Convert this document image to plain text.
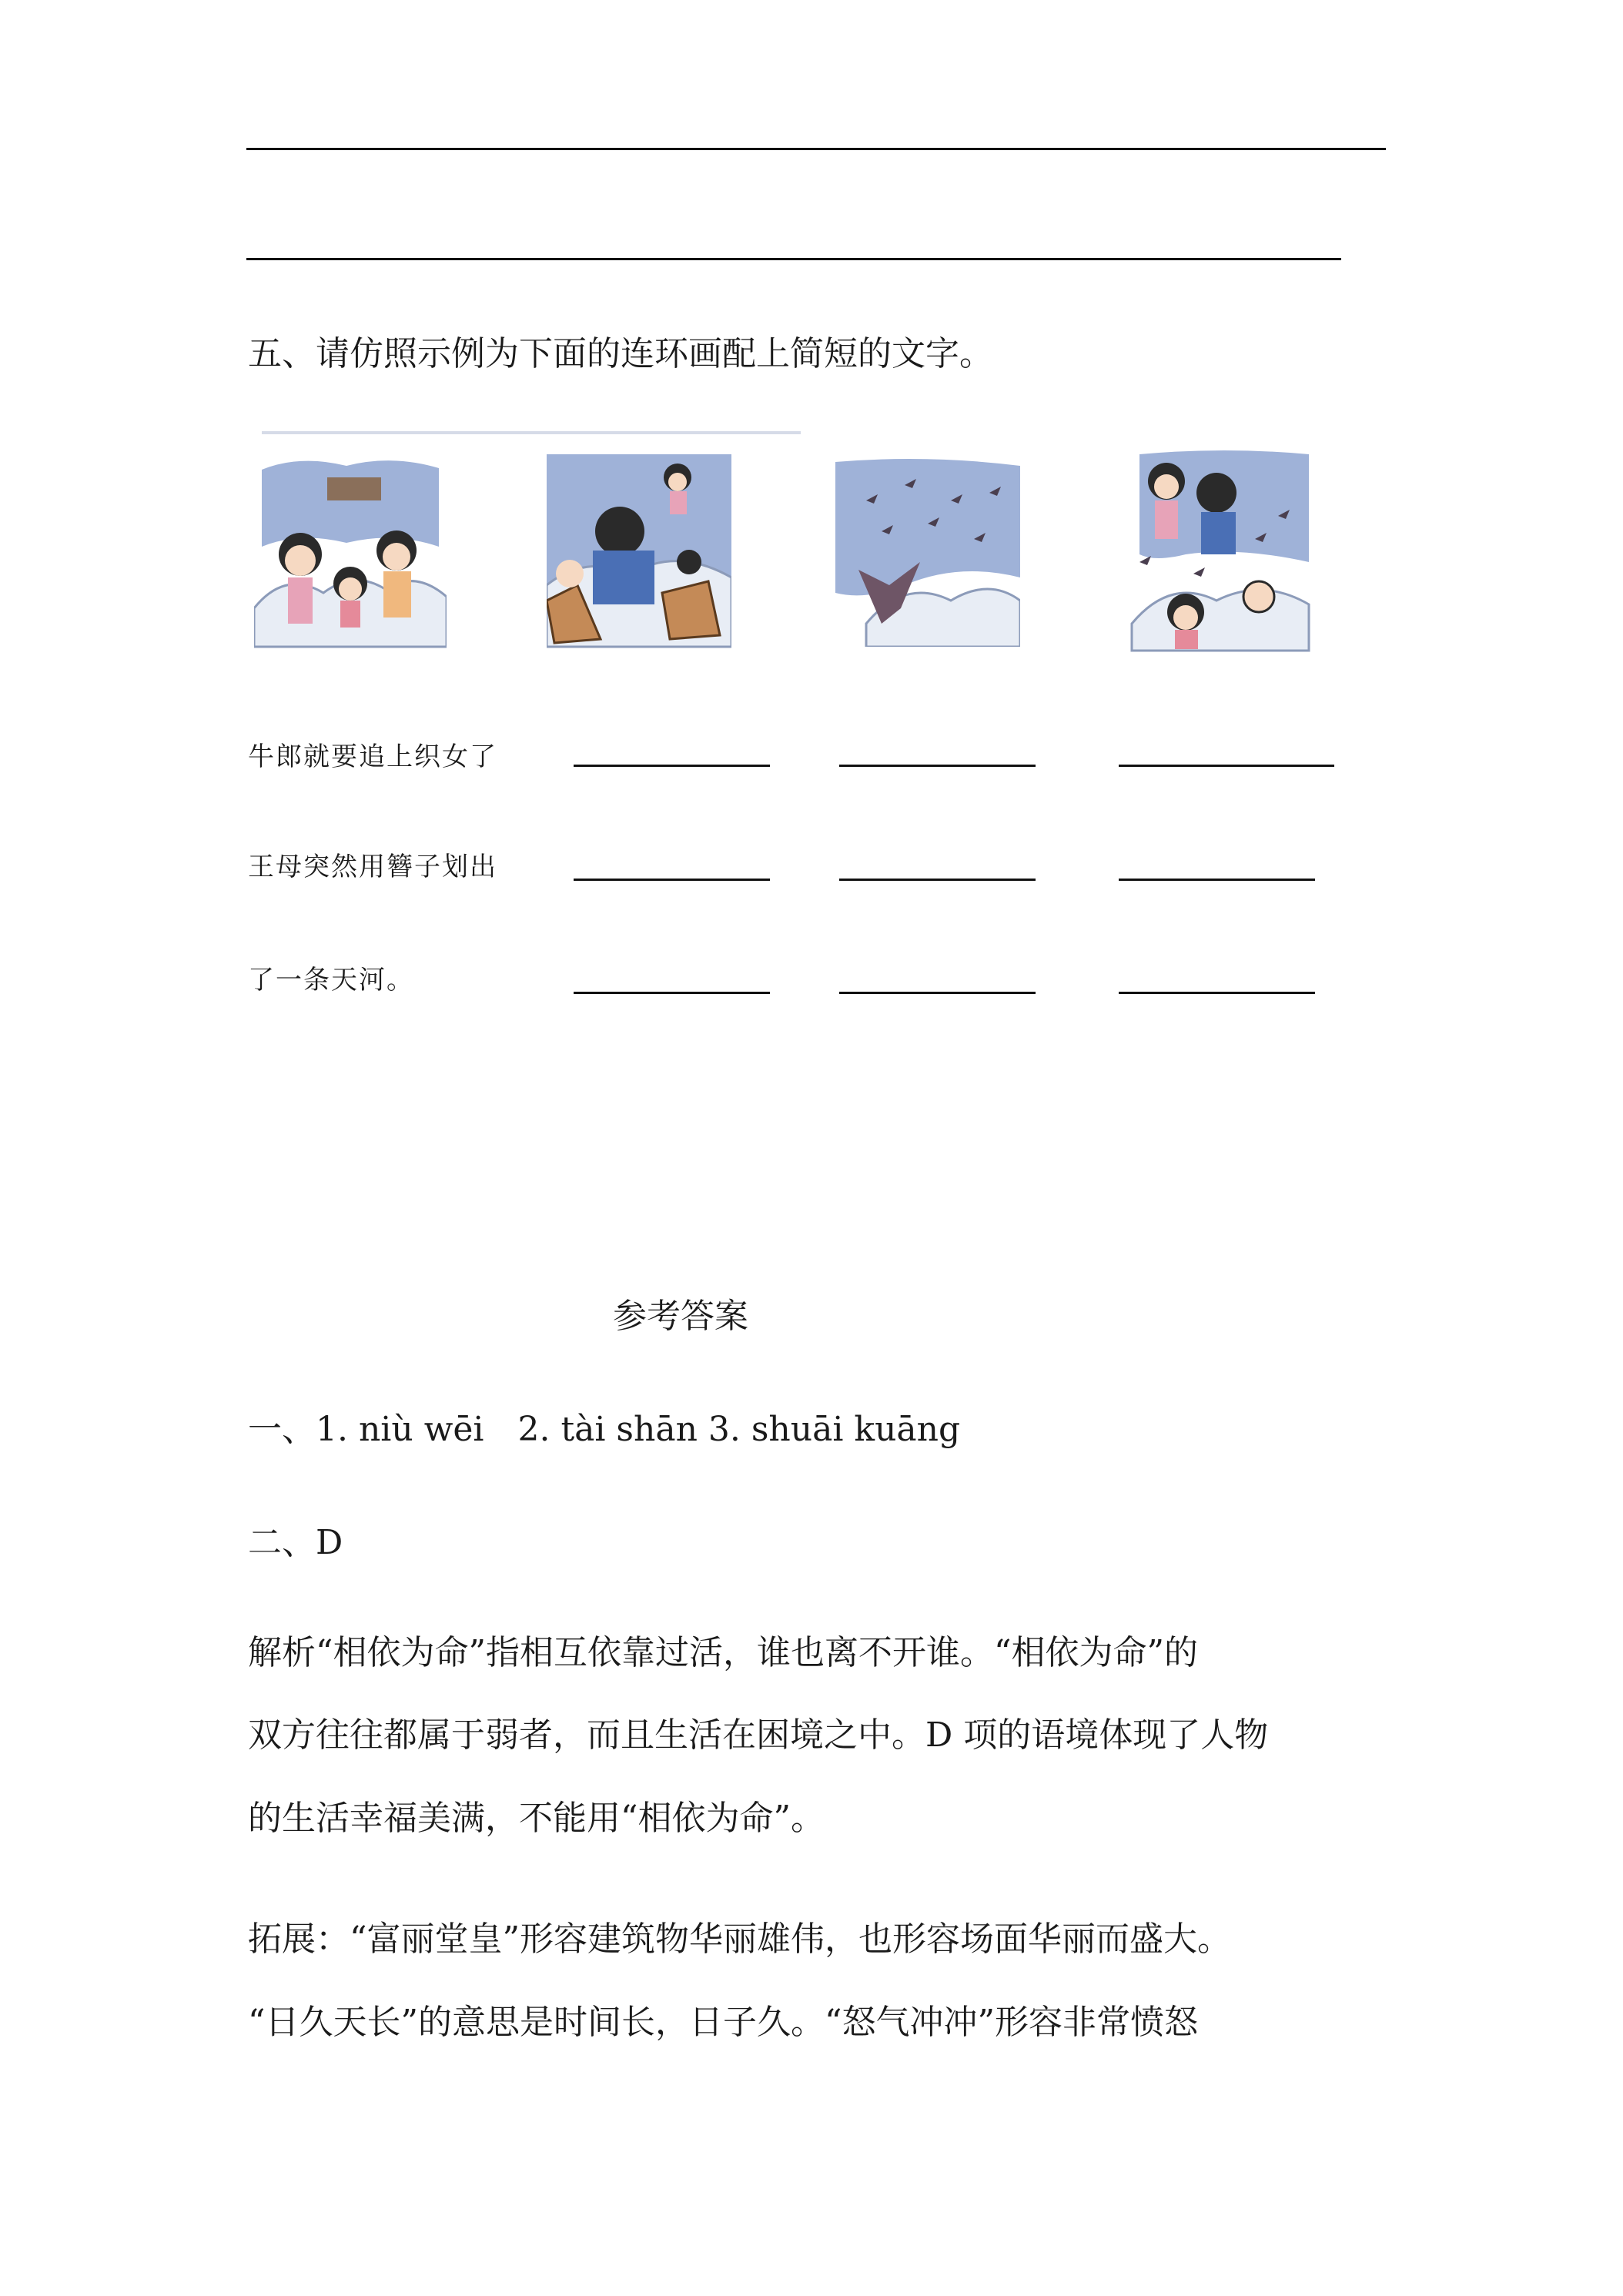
五、请仿照示例为下面的连环画配上简短的文字。
牛郎就要追上织女了
王母突然用簪子划出
了一条天河。
参考答案
一、1. niù wēi　2. tài shān 3. shuāi kuāng
二、D
解析“相依为命”指相互依靠过活，谁也离不开谁。“相依为命”的
双方往往都属于弱者，而且生活在困境之中。D 项的语境体现了人物
的生活幸福美满，不能用“相依为命”。
拓展：“富丽堂皇”形容建筑物华丽雄伟，也形容场面华丽而盛大。
“日久天长”的意思是时间长，日子久。“怒气冲冲”形容非常愤怒
